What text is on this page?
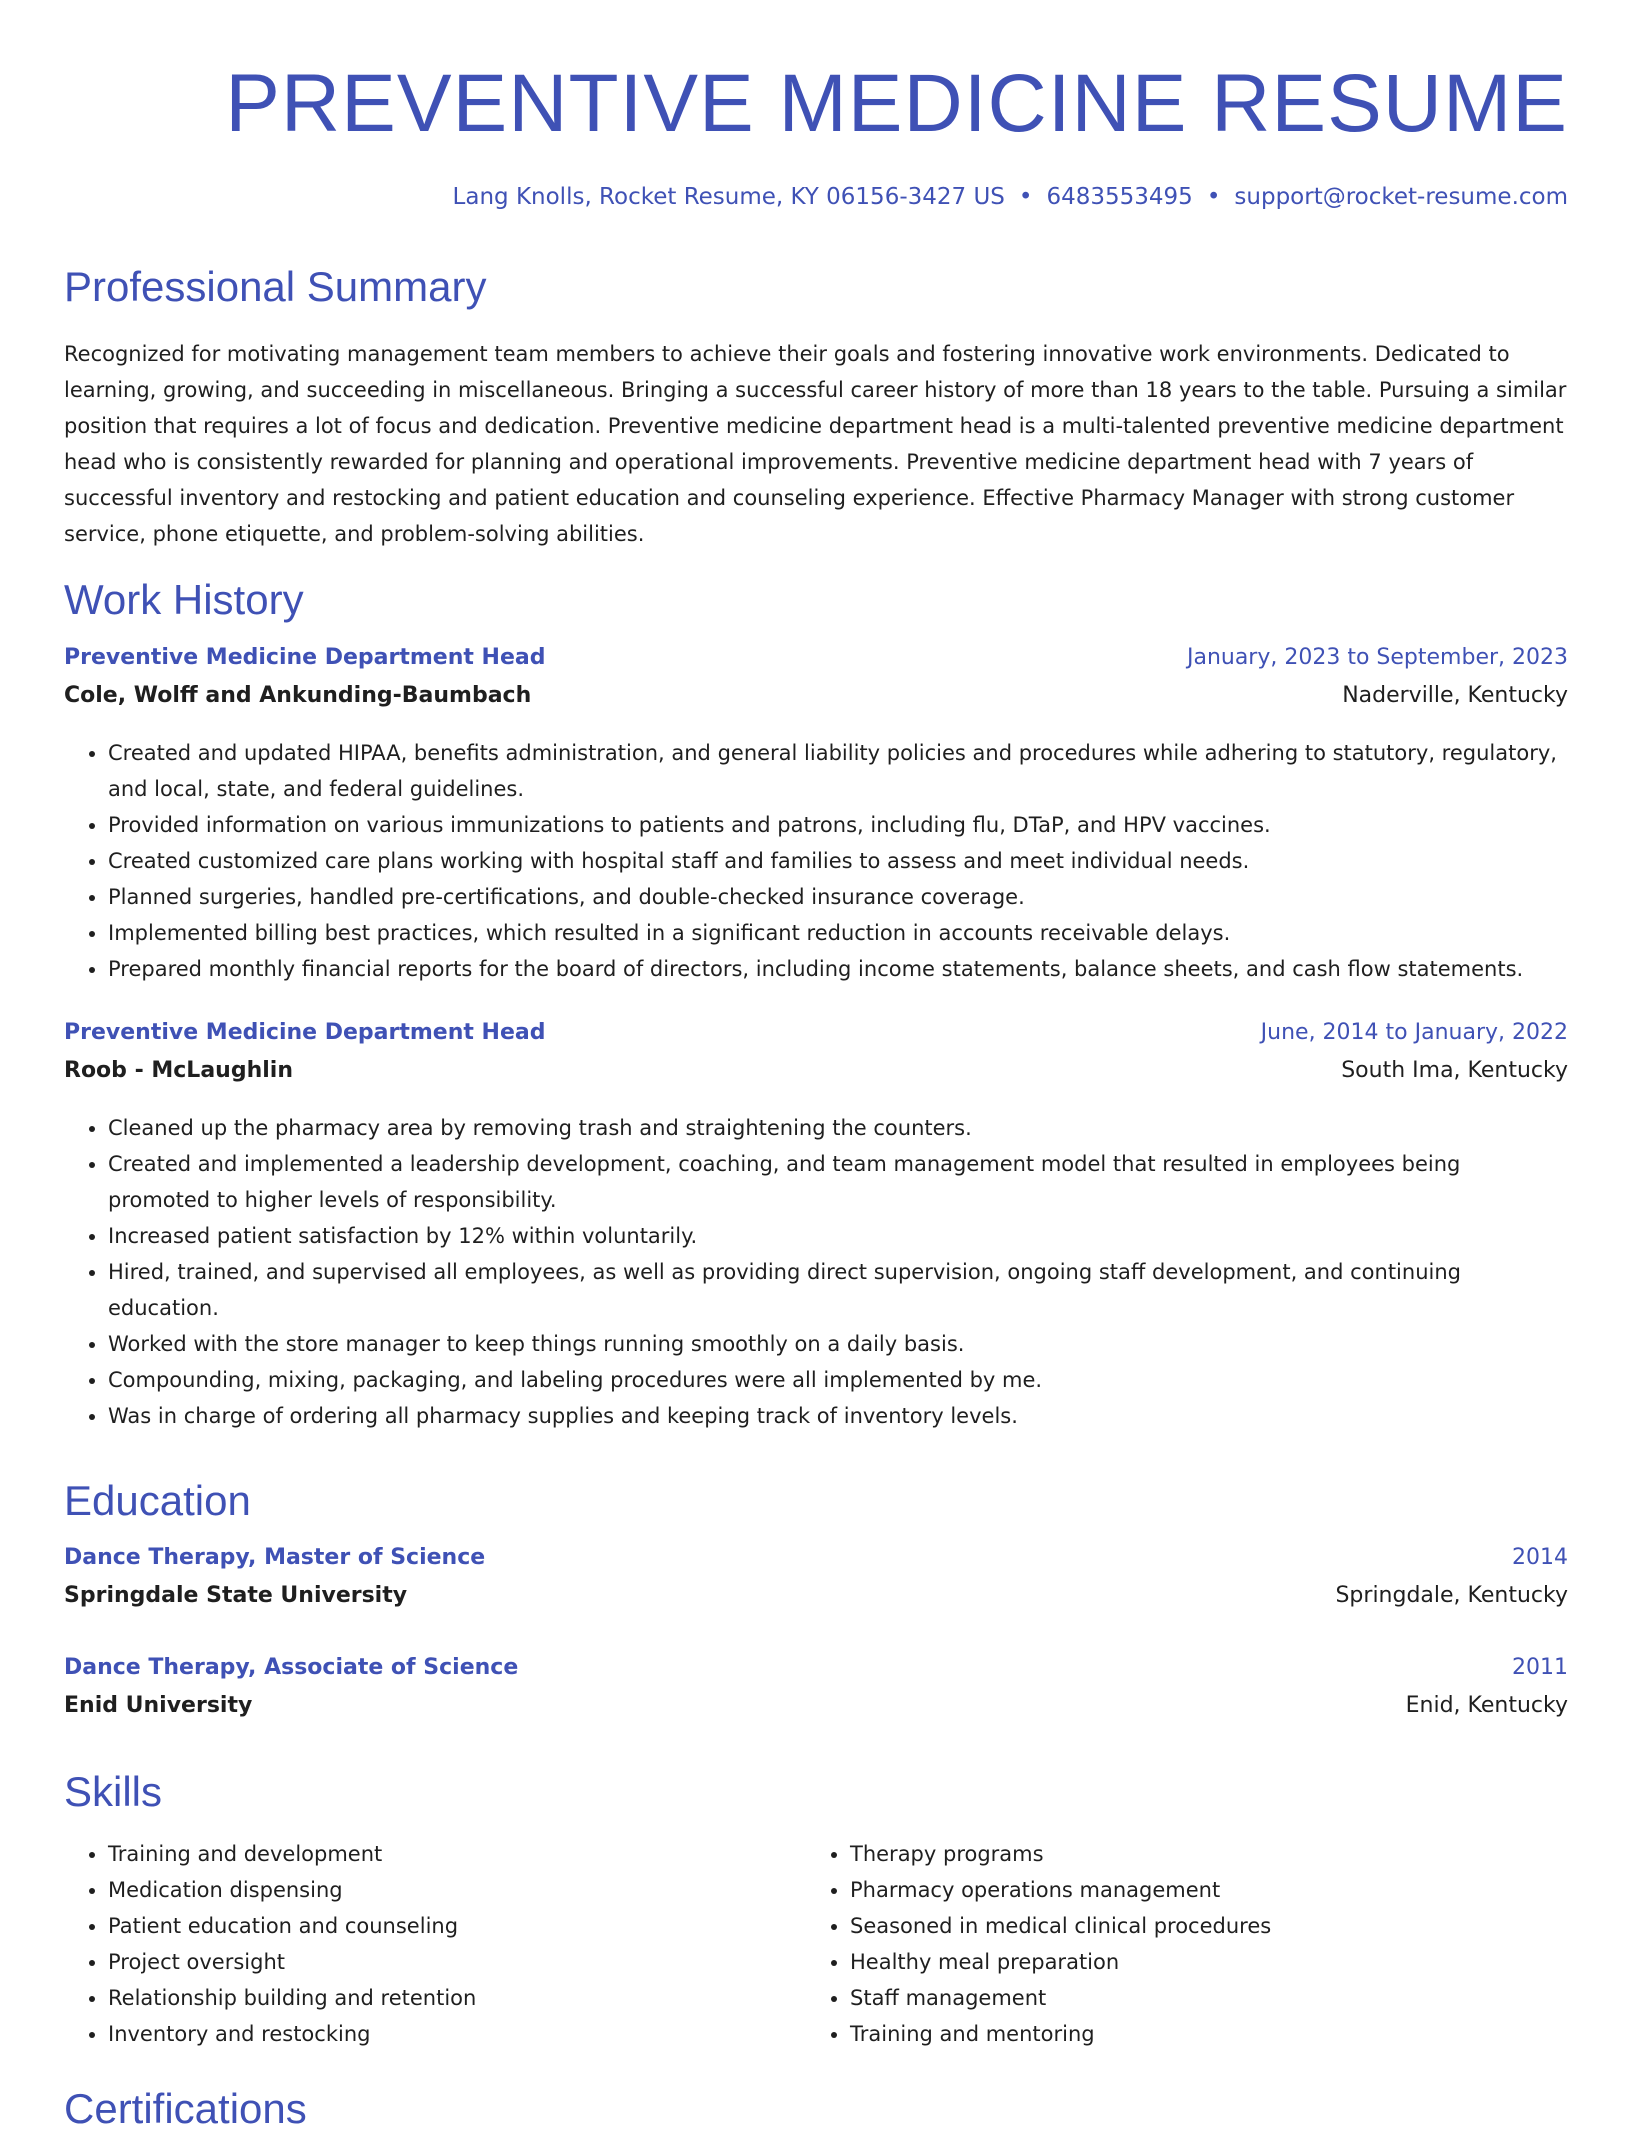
PREVENTIVE MEDICINE RESUME
Lang Knolls, Rocket Resume, KY 06156-3427 US • 6483553495 • support@rocket-resume.com
Professional Summary

Recognized for motivating management team members to achieve their goals and fostering innovative work environments. Dedicated to learning, growing, and succeeding in miscellaneous. Bringing a successful career history of more than 18 years to the table. Pursuing a similar position that requires a lot of focus and dedication. Preventive medicine department head is a multi-talented preventive medicine department head who is consistently rewarded for planning and operational improvements. Preventive medicine department head with 7 years of successful inventory and restocking and patient education and counseling experience. Effective Pharmacy Manager with strong customer service, phone etiquette, and problem-solving abilities.

Work History
Preventive Medicine Department Head	January, 2023 to September, 2023
Cole, Wolff and Ankunding-Baumbach	Naderville, Kentucky
• Created and updated HIPAA, benefits administration, and general liability policies and procedures while adhering to statutory, regulatory, and local, state, and federal guidelines.
• Provided information on various immunizations to patients and patrons, including flu, DTaP, and HPV vaccines.
• Created customized care plans working with hospital staff and families to assess and meet individual needs.
• Planned surgeries, handled pre-certifications, and double-checked insurance coverage.
• Implemented billing best practices, which resulted in a significant reduction in accounts receivable delays.
• Prepared monthly financial reports for the board of directors, including income statements, balance sheets, and cash flow statements.
Preventive Medicine Department Head	June, 2014 to January, 2022
Roob - McLaughlin	South Ima, Kentucky
• Cleaned up the pharmacy area by removing trash and straightening the counters.
• Created and implemented a leadership development, coaching, and team management model that resulted in employees being promoted to higher levels of responsibility.
• Increased patient satisfaction by 12% within voluntarily.
• Hired, trained, and supervised all employees, as well as providing direct supervision, ongoing staff development, and continuing education.
• Worked with the store manager to keep things running smoothly on a daily basis.
• Compounding, mixing, packaging, and labeling procedures were all implemented by me.
• Was in charge of ordering all pharmacy supplies and keeping track of inventory levels.
Education
Dance Therapy, Master of Science	2014
Springdale State University	Springdale, Kentucky
Dance Therapy, Associate of Science	2011
Enid University	Enid, Kentucky
Skills
• Training and development
• Medication dispensing
• Patient education and counseling
• Project oversight
• Relationship building and retention
• Inventory and restocking
• Therapy programs
• Pharmacy operations management
• Seasoned in medical clinical procedures
• Healthy meal preparation
• Staff management
• Training and mentoring
Certifications
